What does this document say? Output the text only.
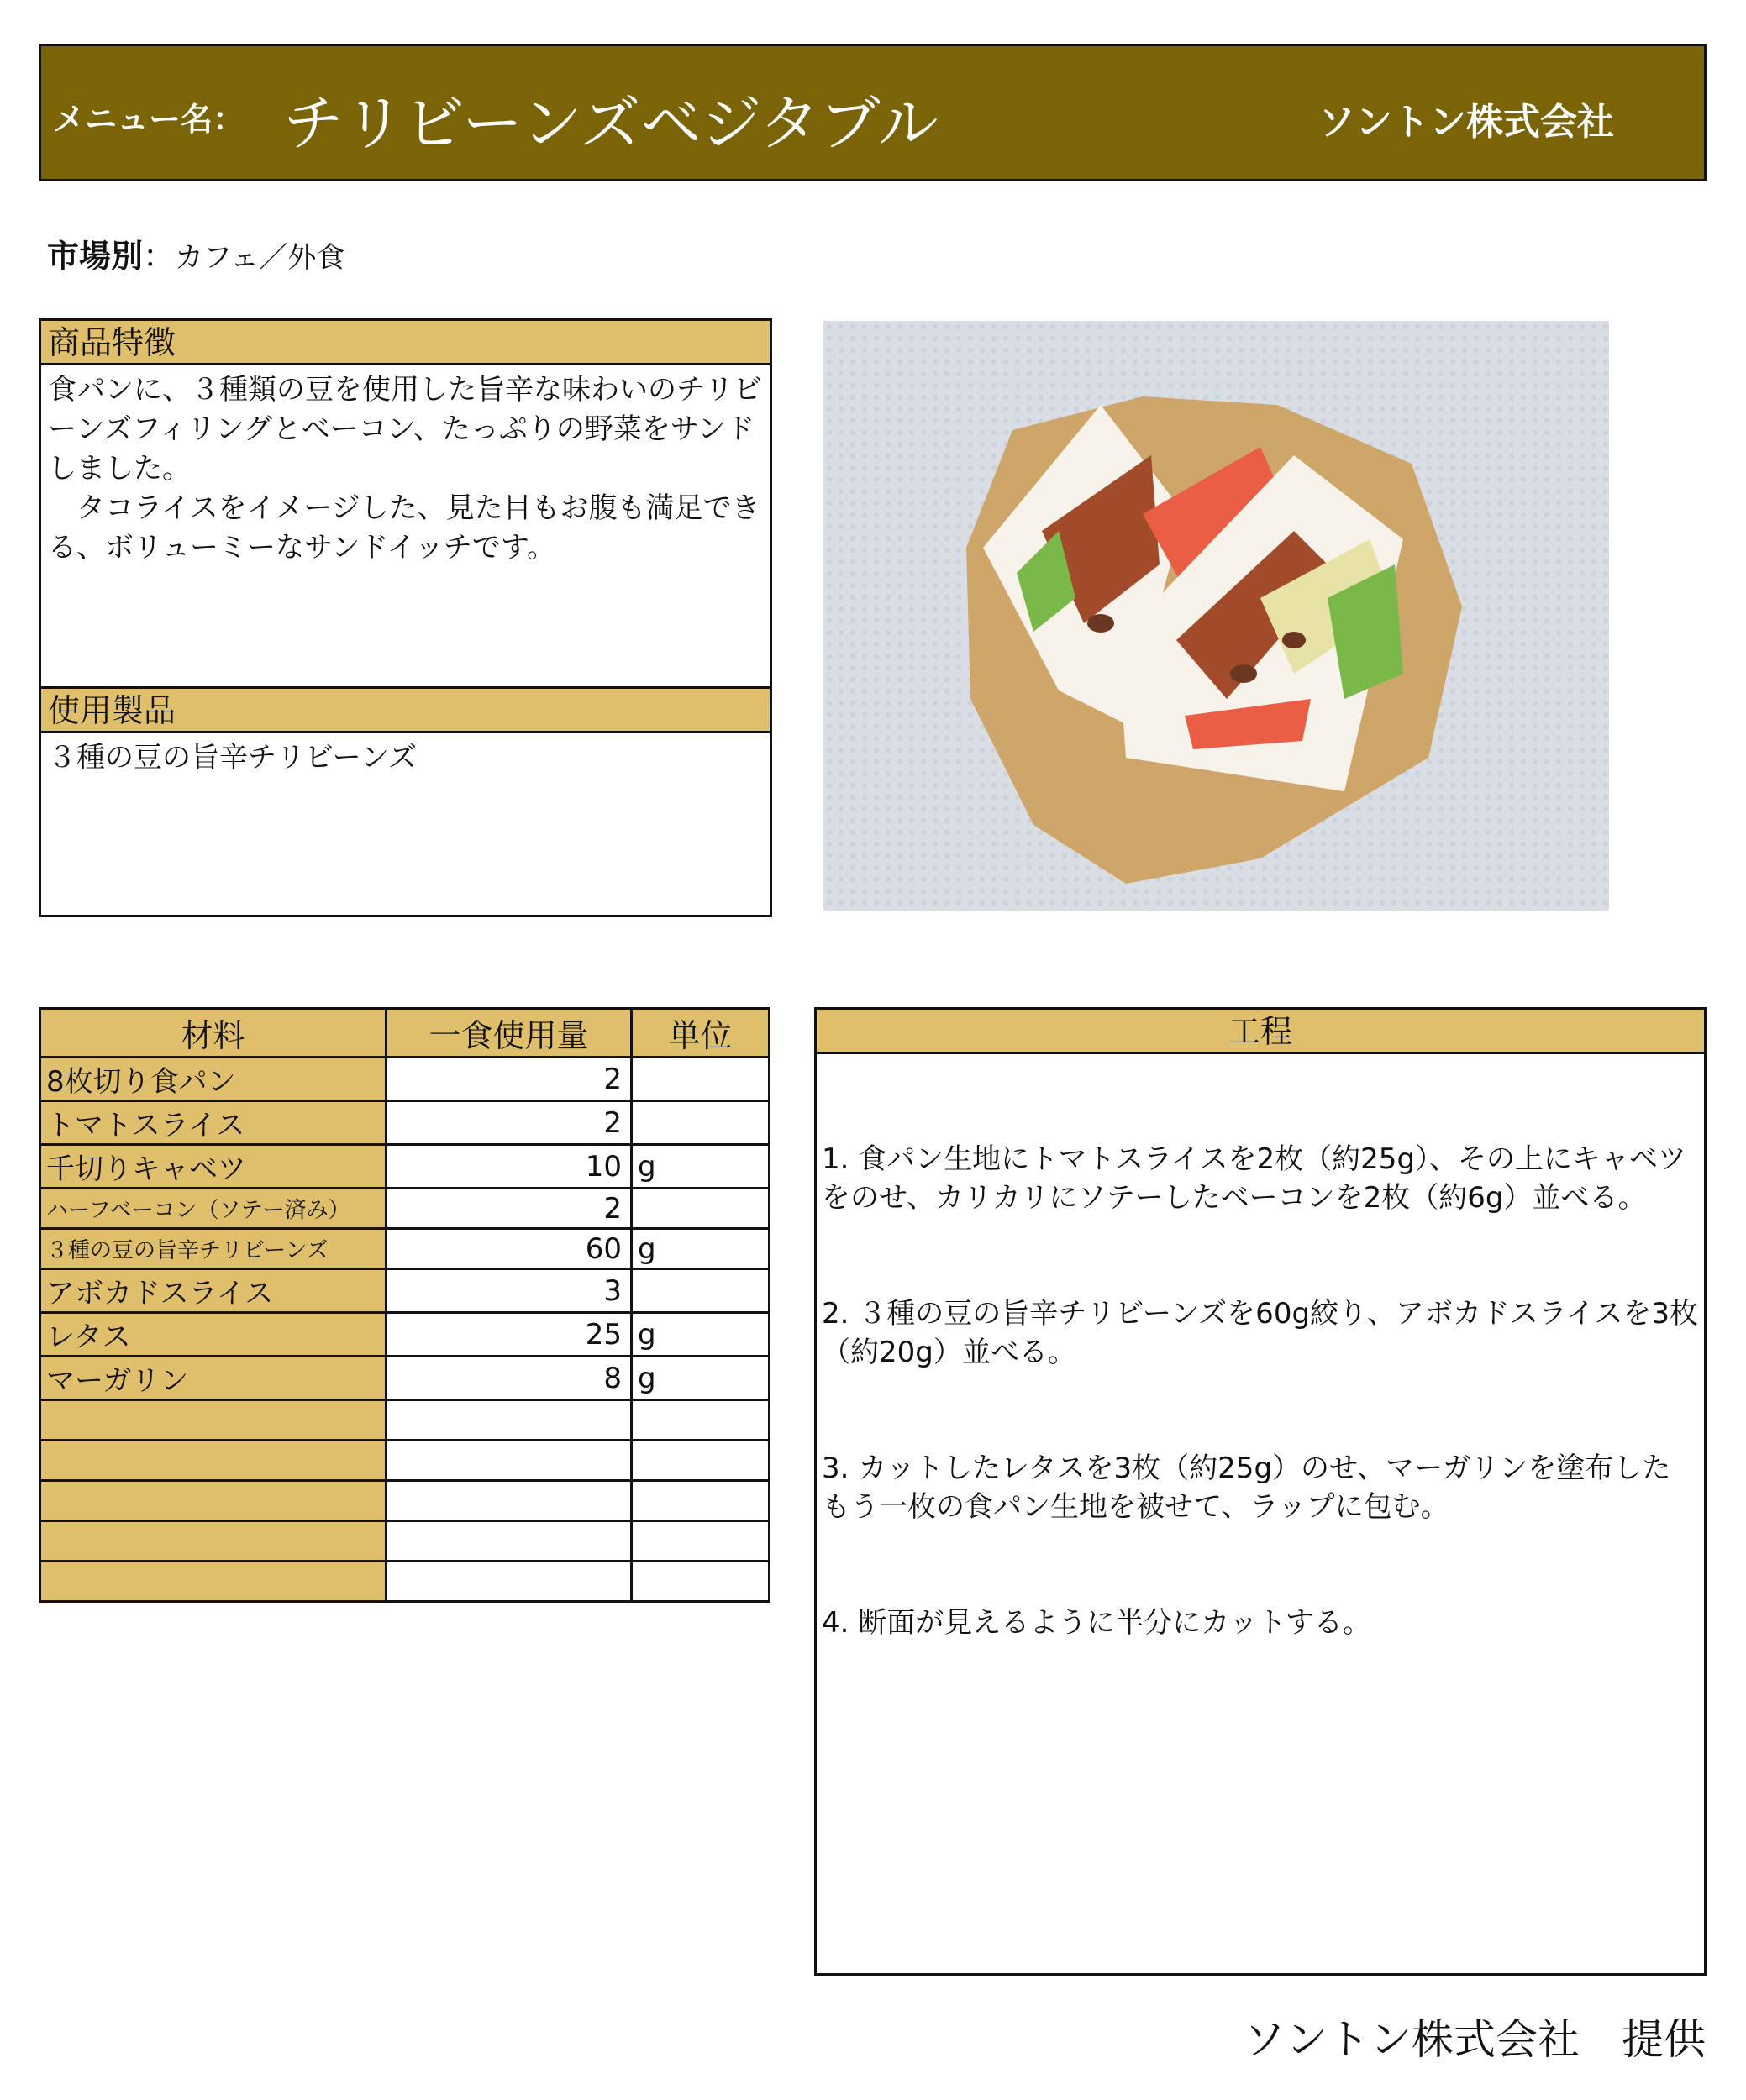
メニュー名： チリビーンズベジタブル	ソントン株式会社
市場別：カフェ／外食
商品特徴
食パンに、３種類の豆を使用した旨辛な味わいのチリビーンズフィリングとベーコン、たっぷりの野菜をサンドしました。
　タコライスをイメージした、見た目もお腹も満足できる、ボリューミーなサンドイッチです。
使用製品
３種の豆の旨辛チリビーンズ
材料	一食使用量	単位
8枚切り食パン	2	
トマトスライス	2	
千切りキャベツ	10	g
ハーフベーコン（ソテー済み）	2	
３種の豆の旨辛チリビーンズ	60	g
アボカドスライス	3	
レタス	25	g
マーガリン	8	g

工程

1. 食パン生地にトマトスライスを2枚（約25g）、その上にキャベツをのせ、カリカリにソテーしたベーコンを2枚（約6g）並べる。

2. ３種の豆の旨辛チリビーンズを60g絞り、アボカドスライスを3枚（約20g）並べる。

3. カットしたレタスを3枚（約25g）のせ、マーガリンを塗布したもう一枚の食パン生地を被せて、ラップに包む。

4. 断面が見えるように半分にカットする。

ソントン株式会社　提供
